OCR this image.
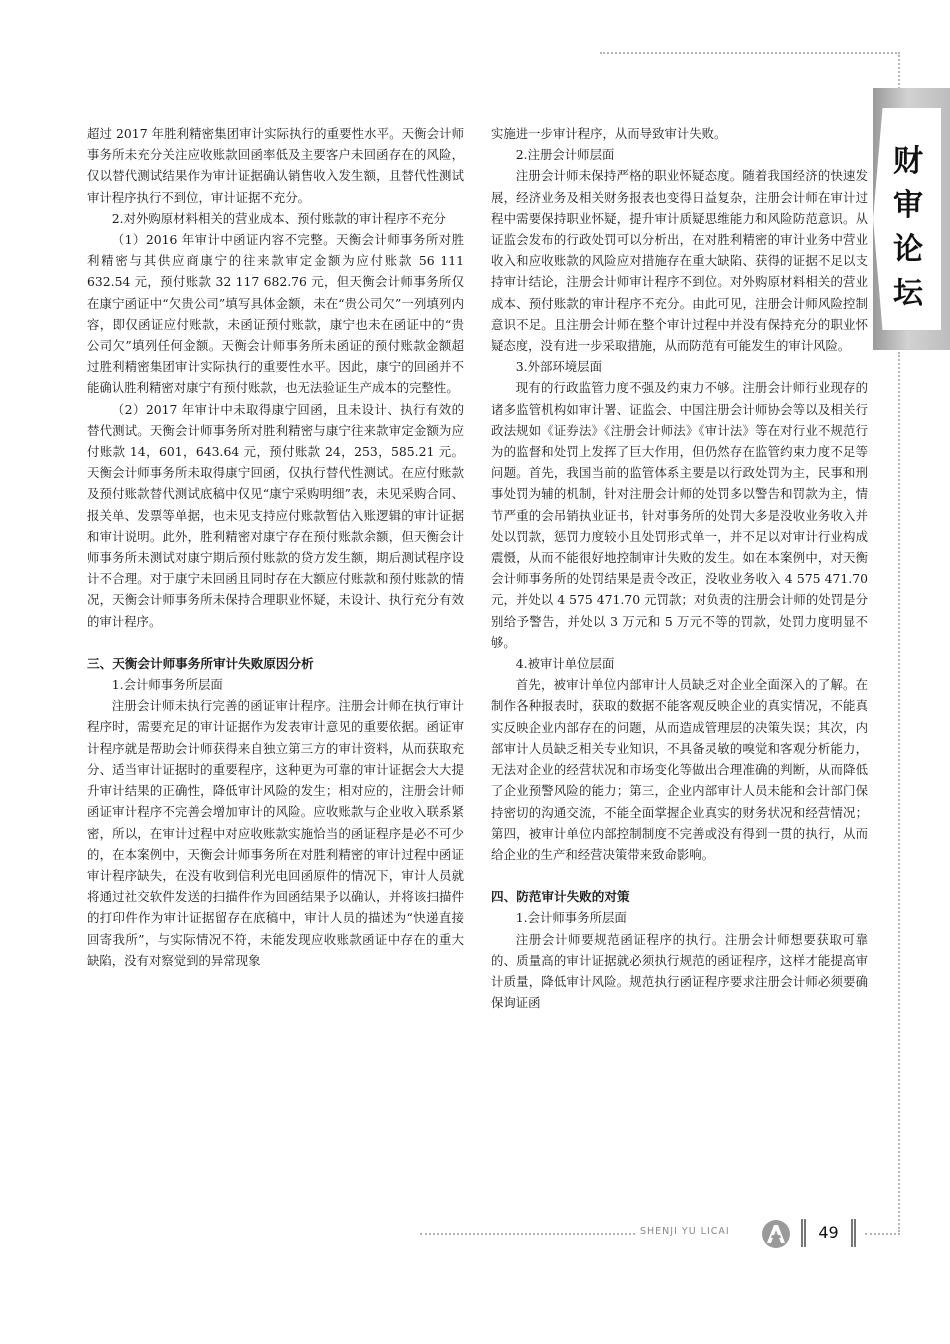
财
审
论
坛

超过 2017 年胜利精密集团审计实际执行的重要性水平。天衡会计师事务所未充分关注应收账款回函率低及主要客户未回函存在的风险，仅以替代测试结果作为审计证据确认销售收入发生额，且替代性测试审计程序执行不到位，审计证据不充分。

2.对外购原材料相关的营业成本、预付账款的审计程序不充分

（1）2016 年审计中函证内容不完整。天衡会计师事务所对胜利精密与其供应商康宁的往来款审定金额为应付账款 56 111 632.54 元，预付账款 32 117 682.76 元，但天衡会计师事务所仅在康宁函证中“欠贵公司”填写具体金额，未在“贵公司欠”一列填列内容，即仅函证应付账款，未函证预付账款，康宁也未在函证中的“贵公司欠”填列任何金额。天衡会计师事务所未函证的预付账款金额超过胜利精密集团审计实际执行的重要性水平。因此，康宁的回函并不能确认胜利精密对康宁有预付账款，也无法验证生产成本的完整性。

（2）2017 年审计中未取得康宁回函，且未设计、执行有效的替代测试。天衡会计师事务所对胜利精密与康宁往来款审定金额为应付账款 14，601，643.64 元，预付账款 24，253，585.21 元。天衡会计师事务所未取得康宁回函，仅执行替代性测试。在应付账款及预付账款替代测试底稿中仅见“康宁采购明细”表，未见采购合同、报关单、发票等单据，也未见支持应付账款暂估入账逻辑的审计证据和审计说明。此外，胜利精密对康宁存在预付账款余额，但天衡会计师事务所未测试对康宁期后预付账款的贷方发生额，期后测试程序设计不合理。对于康宁未回函且同时存在大额应付账款和预付账款的情况，天衡会计师事务所未保持合理职业怀疑，未设计、执行充分有效的审计程序。

三、天衡会计师事务所审计失败原因分析
1.会计师事务所层面

注册会计师未执行完善的函证审计程序。注册会计师在执行审计程序时，需要充足的审计证据作为发表审计意见的重要依据。函证审计程序就是帮助会计师获得来自独立第三方的审计资料，从而获取充分、适当审计证据时的重要程序，这种更为可靠的审计证据会大大提升审计结果的正确性，降低审计风险的发生；相对应的，注册会计师函证审计程序不完善会增加审计的风险。应收账款与企业收入联系紧密，所以，在审计过程中对应收账款实施恰当的函证程序是必不可少的，在本案例中，天衡会计师事务所在对胜利精密的审计过程中函证审计程序缺失，在没有收到信利光电回函原件的情况下，审计人员就将通过社交软件发送的扫描件作为回函结果予以确认，并将该扫描件的打印件作为审计证据留存在底稿中，审计人员的描述为“快递直接回寄我所”，与实际情况不符，未能发现应收账款函证中存在的重大缺陷，没有对察觉到的异常现象

实施进一步审计程序，从而导致审计失败。

2.注册会计师层面

注册会计师未保持严格的职业怀疑态度。随着我国经济的快速发展，经济业务及相关财务报表也变得日益复杂，注册会计师在审计过程中需要保持职业怀疑，提升审计质疑思维能力和风险防范意识。从证监会发布的行政处罚可以分析出，在对胜利精密的审计业务中营业收入和应收账款的风险应对措施存在重大缺陷、获得的证据不足以支持审计结论，注册会计师审计程序不到位。对外购原材料相关的营业成本、预付账款的审计程序不充分。由此可见，注册会计师风险控制意识不足。且注册会计师在整个审计过程中并没有保持充分的职业怀疑态度，没有进一步采取措施，从而防范有可能发生的审计风险。

3.外部环境层面

现有的行政监管力度不强及约束力不够。注册会计师行业现存的诸多监管机构如审计署、证监会、中国注册会计师协会等以及相关行政法规如《证券法》《注册会计师法》《审计法》等在对行业不规范行为的监督和处罚上发挥了巨大作用，但仍然存在监管约束力度不足等问题。首先，我国当前的监管体系主要是以行政处罚为主，民事和刑事处罚为辅的机制，针对注册会计师的处罚多以警告和罚款为主，情节严重的会吊销执业证书，针对事务所的处罚大多是没收业务收入并处以罚款，惩罚力度较小且处罚形式单一，并不足以对审计行业构成震慑，从而不能很好地控制审计失败的发生。如在本案例中，对天衡会计师事务所的处罚结果是责令改正，没收业务收入 4 575 471.70 元，并处以 4 575 471.70 元罚款；对负责的注册会计师的处罚是分别给予警告，并处以 3 万元和 5 万元不等的罚款，处罚力度明显不够。

4.被审计单位层面

首先，被审计单位内部审计人员缺乏对企业全面深入的了解。在制作各种报表时，获取的数据不能客观反映企业的真实情况，不能真实反映企业内部存在的问题，从而造成管理层的决策失误；其次，内部审计人员缺乏相关专业知识，不具备灵敏的嗅觉和客观分析能力，无法对企业的经营状况和市场变化等做出合理准确的判断，从而降低了企业预警风险的能力；第三，企业内部审计人员未能和会计部门保持密切的沟通交流，不能全面掌握企业真实的财务状况和经营情况；第四，被审计单位内部控制制度不完善或没有得到一贯的执行，从而给企业的生产和经营决策带来致命影响。

四、防范审计失败的对策
1.会计师事务所层面

注册会计师要规范函证程序的执行。注册会计师想要获取可靠的、质量高的审计证据就必须执行规范的函证程序，这样才能提高审计质量，降低审计风险。规范执行函证程序要求注册会计师必须要确保询证函

SHENJI YU LICAI	49
